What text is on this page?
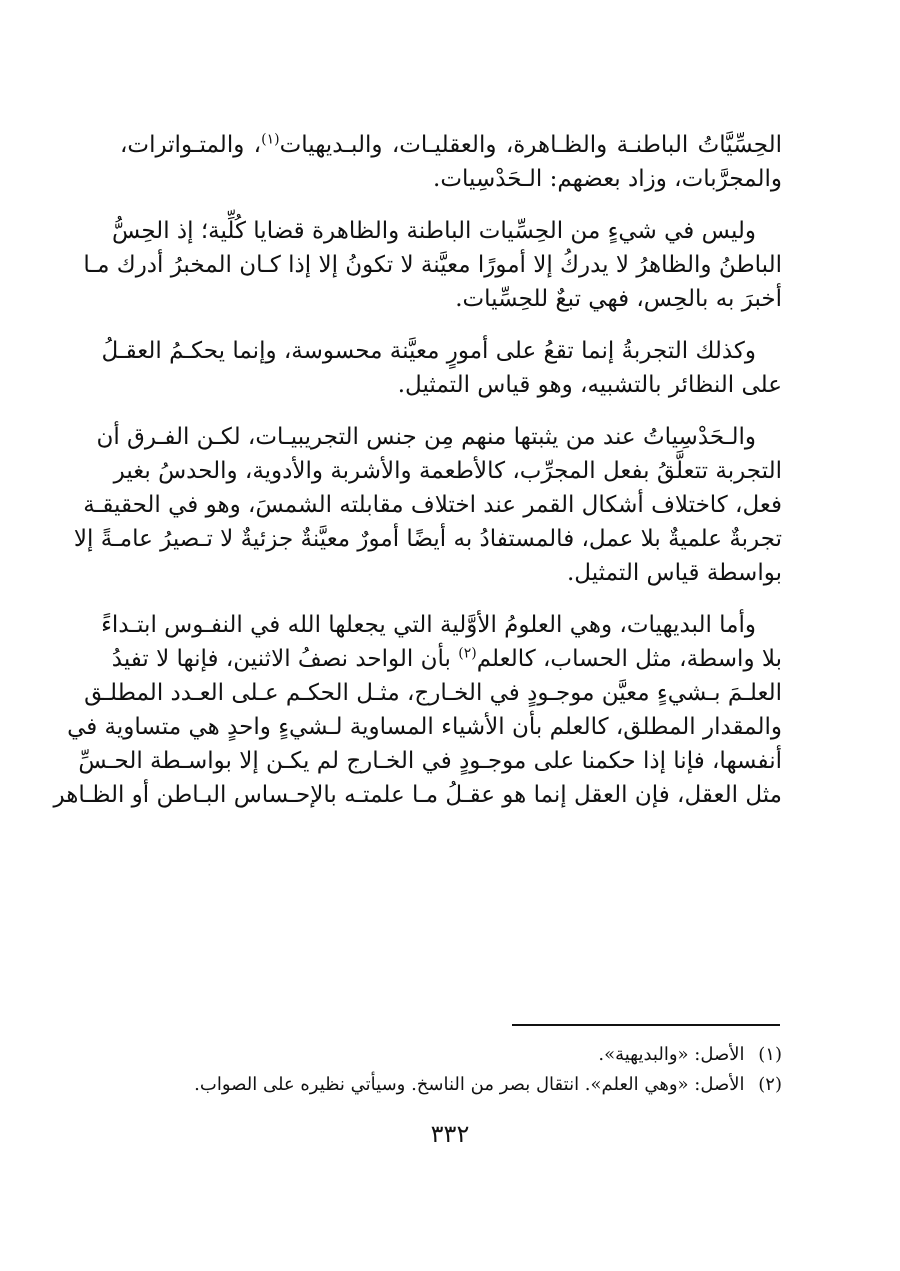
الحِسِّيَّاتُ الباطنـة والظـاهرة، والعقليـات، والبـديهيات$^{(١)}$، والمتـواترات،
والمجرَّبات، وزاد بعضهم: الـحَدْسِيات.
وليس في شيءٍ من الحِسِّيات الباطنة والظاهرة قضايا كُلِّية؛ إذ الحِسُّ
الباطنُ والظاهرُ لا يدركُ إلا أمورًا معيَّنة لا تكونُ إلا إذا كـان المخبرُ أدرك مـا
أخبرَ به بالحِس، فهي تبعٌ للحِسِّيات.
وكذلك التجربةُ إنما تقعُ على أمورٍ معيَّنة محسوسة، وإنما يحكـمُ العقـلُ
على النظائر بالتشبيه، وهو قياس التمثيل.
والـحَدْسِياتُ عند من يثبتها منهم مِن جنس التجريبيـات، لكـن الفـرق أن
التجربة تتعلَّقُ بفعل المجرِّب، كالأطعمة والأشربة والأدوية، والحدسُ بغير
فعل، كاختلاف أشكال القمر عند اختلاف مقابلته الشمسَ، وهو في الحقيقـة
تجربةٌ علميةٌ بلا عمل، فالمستفادُ به أيضًا أمورٌ معيَّنةٌ جزئيةٌ لا تـصيرُ عامـةً إلا
بواسطة قياس التمثيل.
وأما البديهيات، وهي العلومُ الأوَّلية التي يجعلها الله في النفـوس ابتـداءً
بلا واسطة، مثل الحساب، كالعلم$^{(٢)}$ بأن الواحد نصفُ الاثنين، فإنها لا تفيدُ
العلـمَ بـشيءٍ معيَّن موجـودٍ في الخـارج، مثـل الحكـم عـلى العـدد المطلـق
والمقدار المطلق، كالعلم بأن الأشياء المساوية لـشيءٍ واحدٍ هي متساوية في
أنفسها، فإنا إذا حكمنا على موجـودٍ في الخـارج لم يكـن إلا بواسـطة الحـسِّ
مثل العقل، فإن العقل إنما هو عقـلُ مـا علمتـه بالإحـساس البـاطن أو الظـاهر
(١) الأصل: «والبديهية».
(٢) الأصل: «وهي العلم». انتقال بصر من الناسخ. وسيأتي نظيره على الصواب.
٣٣٢
